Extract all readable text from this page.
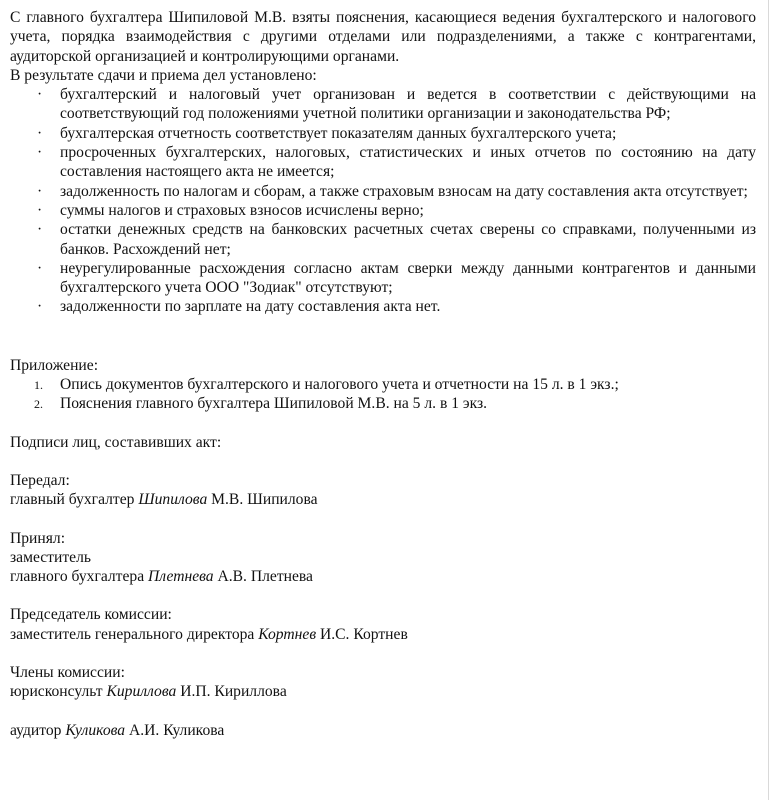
С главного бухгалтера Шипиловой М.В. взяты пояснения, касающиеся ведения бухгалтерского и налогового учета, порядка взаимодействия с другими отделами или подразделениями, а также с контрагентами, аудиторской организацией и контролирующими органами.

В результате сдачи и приема дел установлено:

· бухгалтерский и налоговый учет организован и ведется в соответствии с действующими на соответствующий год положениями учетной политики организации и законодательства РФ;
· бухгалтерская отчетность соответствует показателям данных бухгалтерского учета;
· просроченных бухгалтерских, налоговых, статистических и иных отчетов по состоянию на дату составления настоящего акта не имеется;
· задолженность по налогам и сборам, а также страховым взносам на дату составления акта отсутствует;
· суммы налогов и страховых взносов исчислены верно;
· остатки денежных средств на банковских расчетных счетах сверены со справками, полученными из банков. Расхождений нет;
· неурегулированные расхождения согласно актам сверки между данными контрагентов и данными бухгалтерского учета ООО "Зодиак" отсутствуют;
· задолженности по зарплате на дату составления акта нет.

Приложение:

1. Опись документов бухгалтерского и налогового учета и отчетности на 15 л. в 1 экз.;
2. Пояснения главного бухгалтера Шипиловой М.В. на 5 л. в 1 экз.

Подписи лиц, составивших акт:

Передал:

главный бухгалтер Шипилова М.В. Шипилова

Принял:

заместитель

главного бухгалтера Плетнева А.В. Плетнева

Председатель комиссии:

заместитель генерального директора Кортнев И.С. Кортнев

Члены комиссии:

юрисконсульт Кириллова И.П. Кириллова

аудитор Куликова А.И. Куликова
